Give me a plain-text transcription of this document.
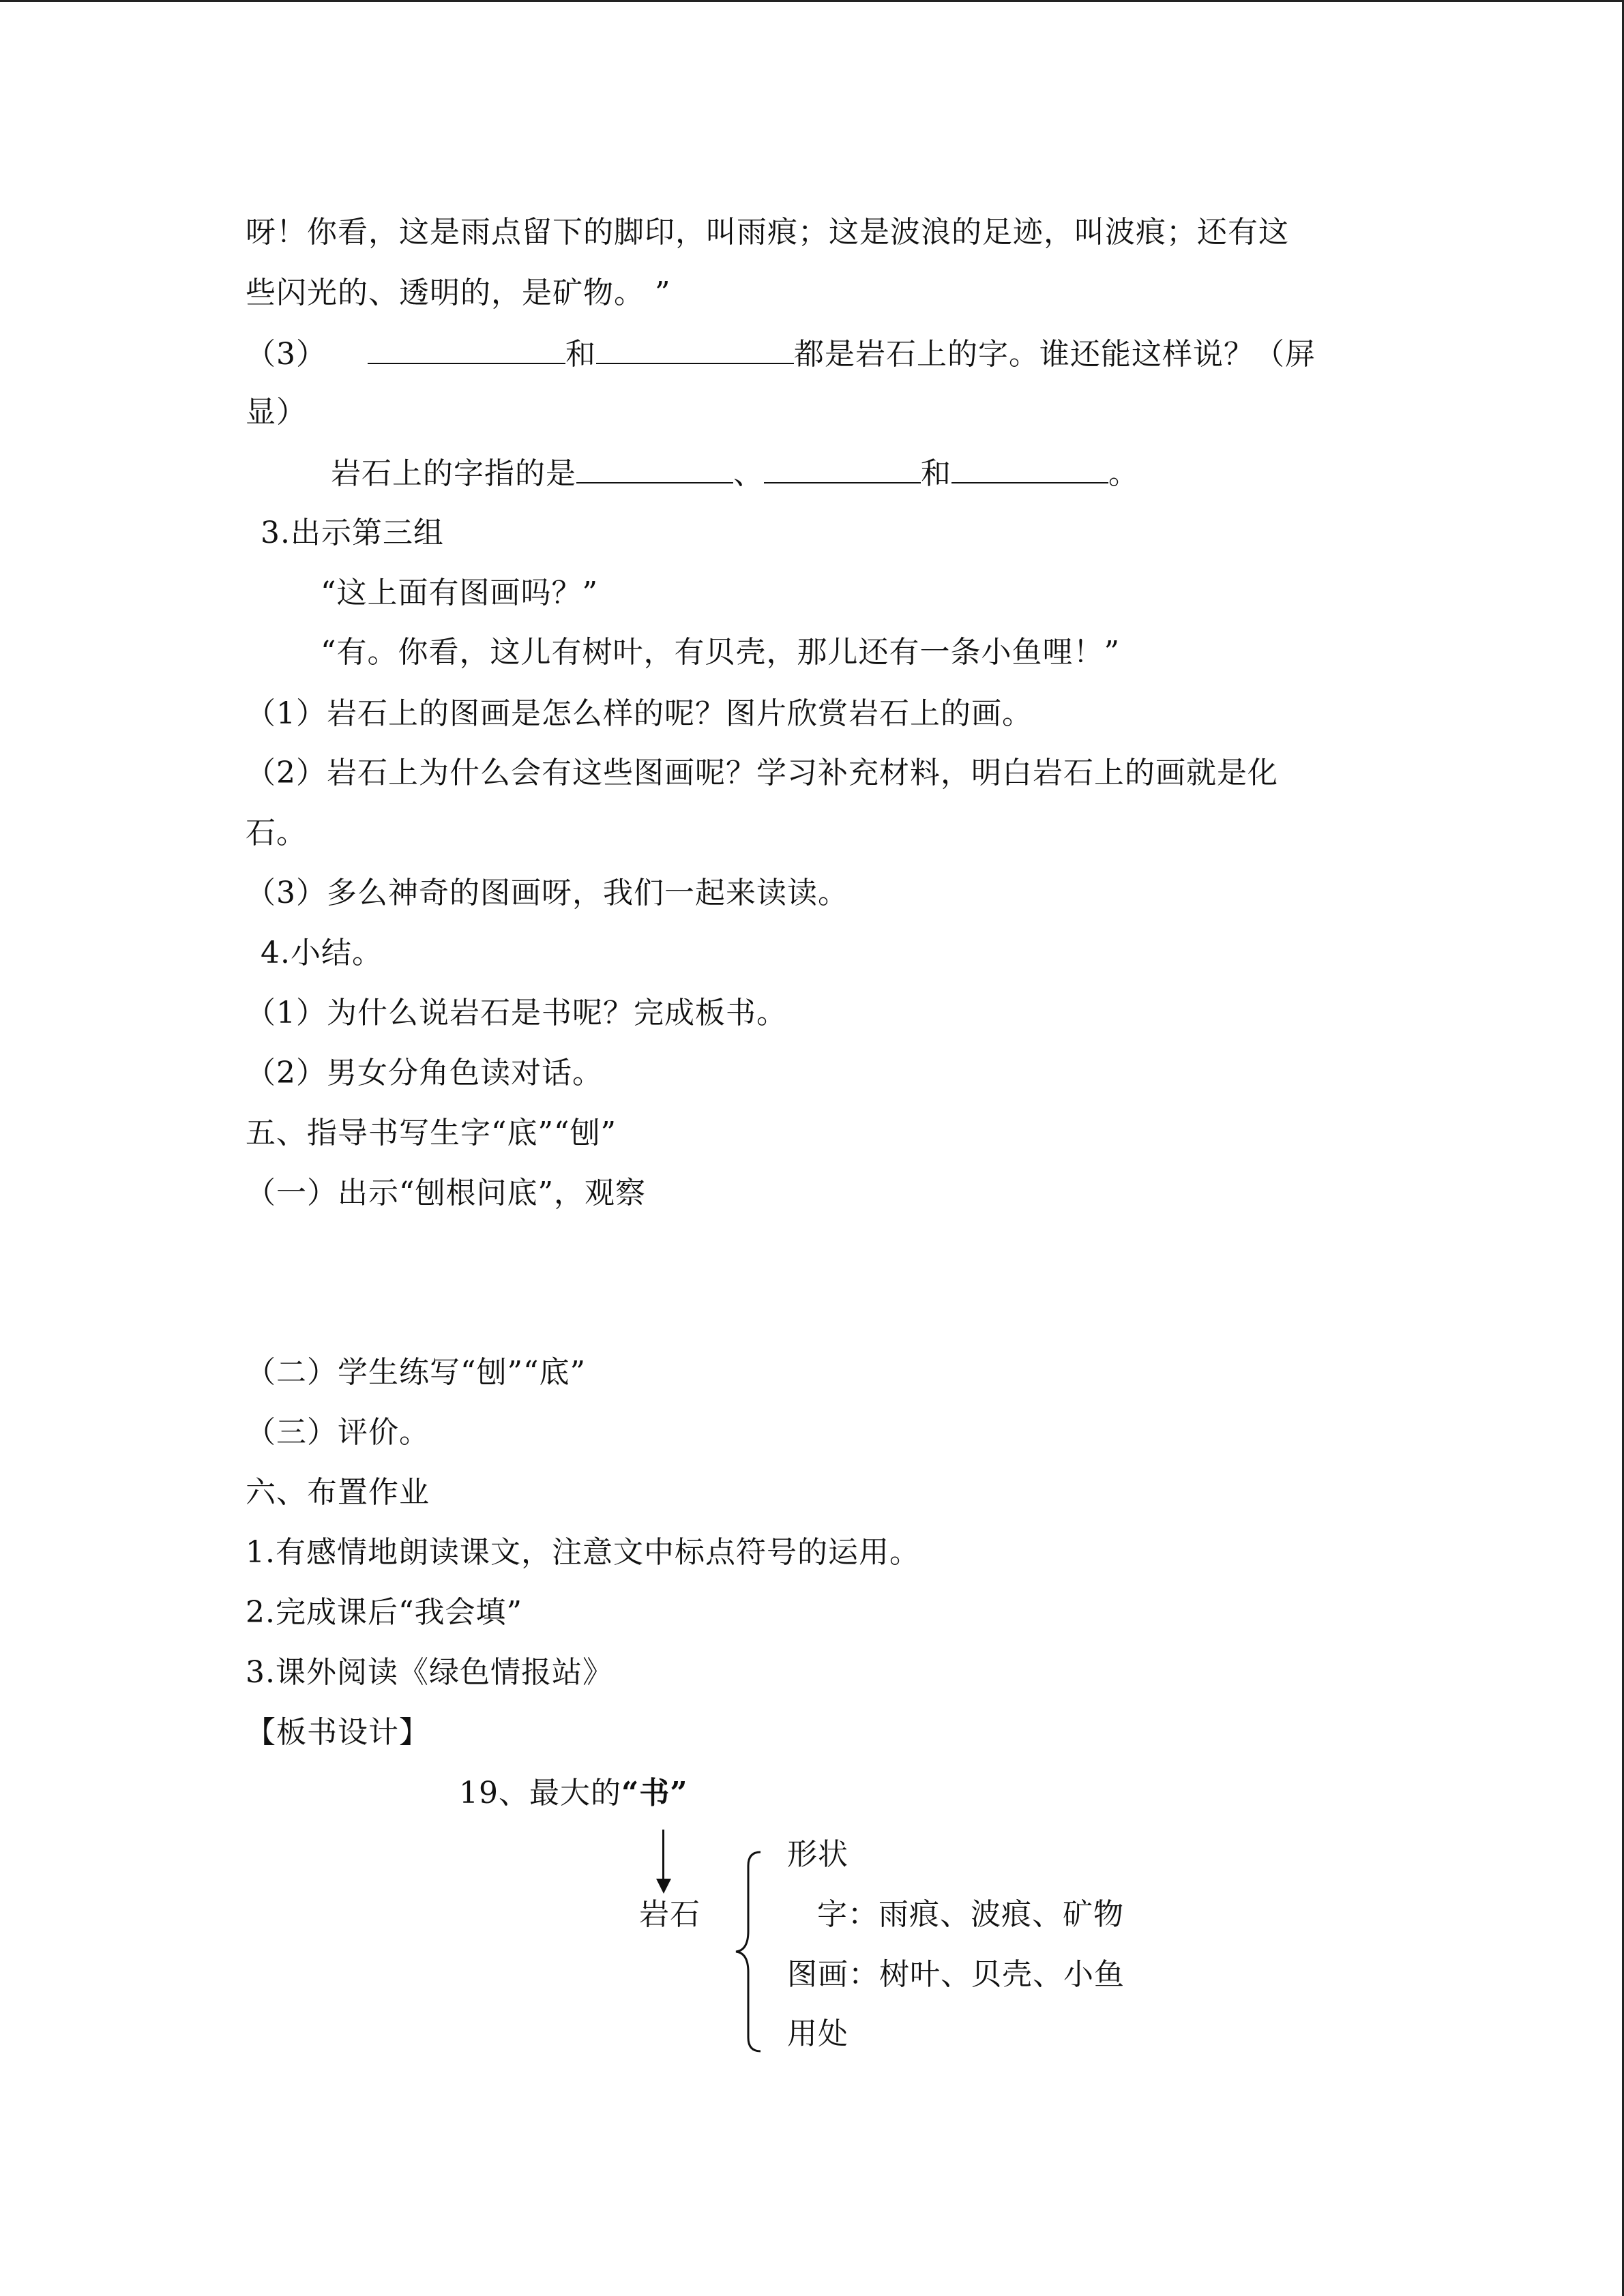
呀！你看，这是雨点留下的脚印，叫雨痕；这是波浪的足迹，叫波痕；还有这
些闪光的、透明的，是矿物。 ”
（3）	和	都是岩石上的字。谁还能这样说？（屏
显）
岩石上的字指的是	、	和	。
3.出示第三组
“这上面有图画吗？”
“有。你看，这儿有树叶，有贝壳，那儿还有一条小鱼哩！”
（1）岩石上的图画是怎么样的呢？图片欣赏岩石上的画。
（2）岩石上为什么会有这些图画呢？学习补充材料，明白岩石上的画就是化
石。
（3）多么神奇的图画呀，我们一起来读读。
4.小结。
（1）为什么说岩石是书呢？完成板书。
（2）男女分角色读对话。
五、指导书写生字“底”“刨”
（一）出示“刨根问底”，观察
（二）学生练写“刨”“底”
（三）评价。
六、布置作业
1.有感情地朗读课文，注意文中标点符号的运用。
2.完成课后“我会填”
3.课外阅读《绿色情报站》
【板书设计】
19、最大的“书”
岩石
形状
字：雨痕、波痕、矿物
图画：树叶、贝壳、小鱼
用处
